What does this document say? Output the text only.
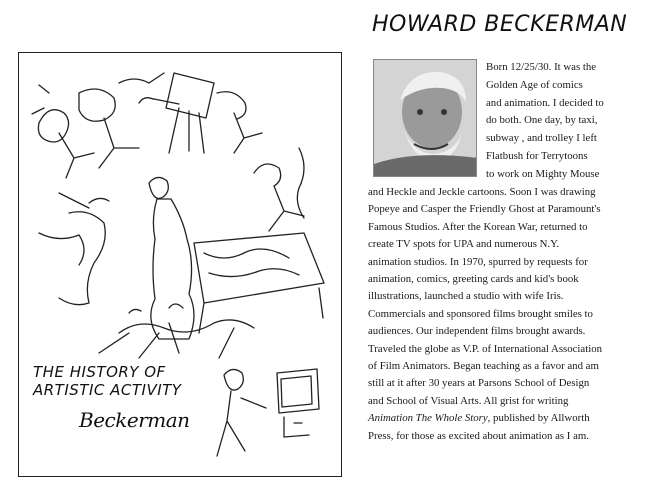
THE HISTORY OF
ARTISTIC ACTIVITY
Beckerman
HOWARD BECKERMAN
Born 12/25/30. It was the
Golden Age of comics
and animation. I decided to
do both. One day, by taxi,
subway , and trolley I left
Flatbush for Terrytoons
to work on Mighty Mouse
and Heckle and Jeckle cartoons. Soon I was drawing
Popeye and Casper the Friendly Ghost at Paramount's
Famous Studios. After the Korean War, returned to
create TV spots for UPA and numerous N.Y.
animation studios. In 1970, spurred by requests for
animation, comics, greeting cards and kid's book
illustrations, launched a studio with wife Iris.
Commercials and sponsored films brought smiles to
audiences. Our independent films brought awards.
Traveled the globe as V.P. of International Association
of Film Animators. Began teaching as a favor and am
still at it after 30 years at Parsons School of Design
and School of Visual Arts. All grist for writing
Animation The Whole Story, published by Allworth
Press, for those as excited about animation as I am.
